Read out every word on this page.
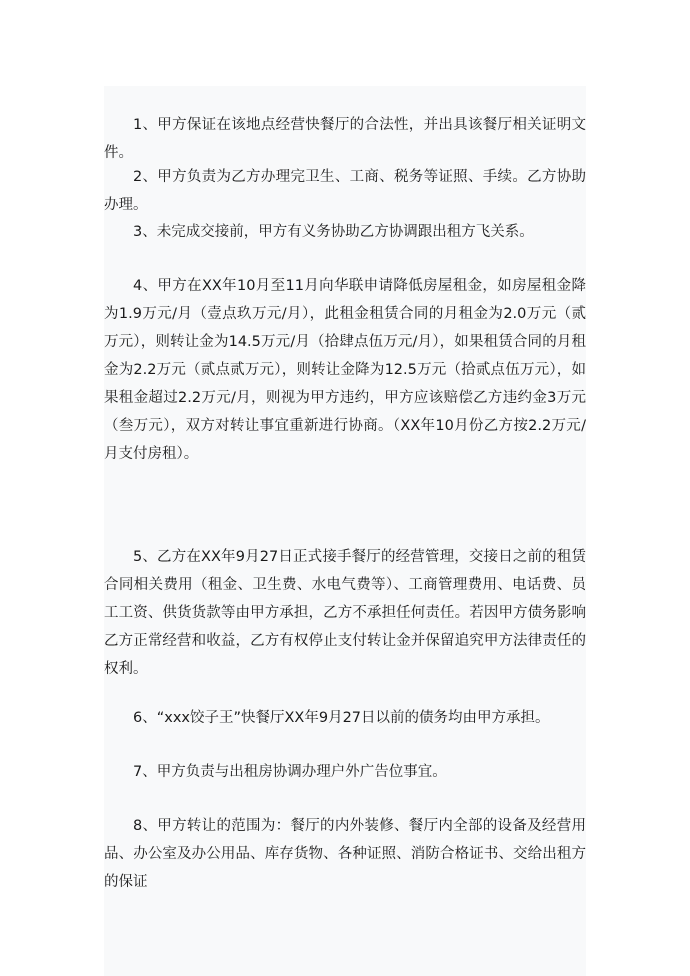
1、甲方保证在该地点经营快餐厅的合法性，并出具该餐厅相关证明文件。

2、甲方负责为乙方办理完卫生、工商、税务等证照、手续。乙方协助办理。

3、未完成交接前，甲方有义务协助乙方协调跟出租方飞关系。

4、甲方在XX年10月至11月向华联申请降低房屋租金，如房屋租金降为1.9万元/月（壹点玖万元/月），此租金租赁合同的月租金为2.0万元（贰万元），则转让金为14.5万元/月（拾肆点伍万元/月），如果租赁合同的月租金为2.2万元（贰点贰万元），则转让金降为12.5万元（拾贰点伍万元），如果租金超过2.2万元/月，则视为甲方违约，甲方应该赔偿乙方违约金3万元（叁万元），双方对转让事宜重新进行协商。（XX年10月份乙方按2.2万元/月支付房租）。

5、乙方在XX年9月27日正式接手餐厅的经营管理，交接日之前的租赁合同相关费用（租金、卫生费、水电气费等）、工商管理费用、电话费、员工工资、供货货款等由甲方承担，乙方不承担任何责任。若因甲方债务影响乙方正常经营和收益，乙方有权停止支付转让金并保留追究甲方法律责任的权利。

6、“xxx饺子王”快餐厅XX年9月27日以前的债务均由甲方承担。

7、甲方负责与出租房协调办理户外广告位事宜。

8、甲方转让的范围为：餐厅的内外装修、餐厅内全部的设备及经营用品、办公室及办公用品、库存货物、各种证照、消防合格证书、交给出租方的保证
